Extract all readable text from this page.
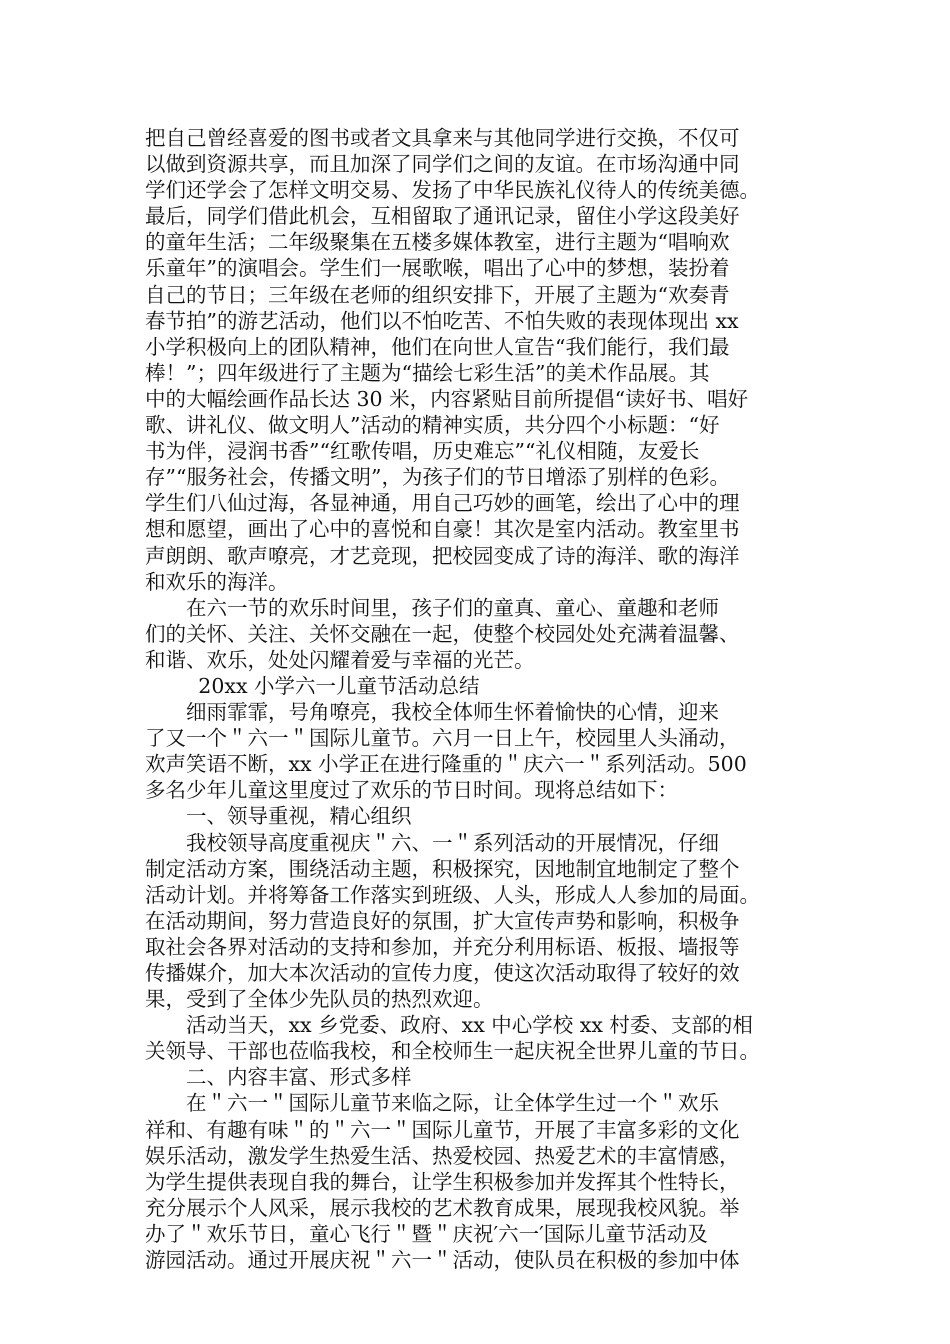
把自己曾经喜爱的图书或者文具拿来与其他同学进行交换，不仅可
以做到资源共享，而且加深了同学们之间的友谊。在市场沟通中同
学们还学会了怎样文明交易、发扬了中华民族礼仪待人的传统美德。
最后，同学们借此机会，互相留取了通讯记录，留住小学这段美好
的童年生活；二年级聚集在五楼多媒体教室，进行主题为“唱响欢
乐童年”的演唱会。学生们一展歌喉，唱出了心中的梦想，装扮着
自己的节日；三年级在老师的组织安排下，开展了主题为“欢奏青
春节拍”的游艺活动，他们以不怕吃苦、不怕失败的表现体现出 xx
小学积极向上的团队精神，他们在向世人宣告“我们能行，我们最
棒！”；四年级进行了主题为“描绘七彩生活”的美术作品展。其
中的大幅绘画作品长达 30 米，内容紧贴目前所提倡“读好书、唱好
歌、讲礼仪、做文明人”活动的精神实质，共分四个小标题：“好
书为伴，浸润书香”“红歌传唱，历史难忘”“礼仪相随，友爱长
存”“服务社会，传播文明”，为孩子们的节日增添了别样的色彩。
学生们八仙过海，各显神通，用自己巧妙的画笔，绘出了心中的理
想和愿望，画出了心中的喜悦和自豪！其次是室内活动。教室里书
声朗朗、歌声嘹亮，才艺竞现，把校园变成了诗的海洋、歌的海洋
和欢乐的海洋。

在六一节的欢乐时间里，孩子们的童真、童心、童趣和老师
们的关怀、关注、关怀交融在一起，使整个校园处处充满着温馨、
和谐、欢乐，处处闪耀着爱与幸福的光芒。

20xx 小学六一儿童节活动总结

细雨霏霏，号角嘹亮，我校全体师生怀着愉快的心情，迎来
了又一个＂六一＂国际儿童节。六月一日上午，校园里人头涌动，
欢声笑语不断，xx 小学正在进行隆重的＂庆六一＂系列活动。500
多名少年儿童这里度过了欢乐的节日时间。现将总结如下：

一、领导重视，精心组织

我校领导高度重视庆＂六、一＂系列活动的开展情况，仔细
制定活动方案，围绕活动主题，积极探究，因地制宜地制定了整个
活动计划。并将筹备工作落实到班级、人头，形成人人参加的局面。
在活动期间，努力营造良好的氛围，扩大宣传声势和影响，积极争
取社会各界对活动的支持和参加，并充分利用标语、板报、墙报等
传播媒介，加大本次活动的宣传力度，使这次活动取得了较好的效
果，受到了全体少先队员的热烈欢迎。

活动当天，xx 乡党委、政府、xx 中心学校 xx 村委、支部的相
关领导、干部也莅临我校，和全校师生一起庆祝全世界儿童的节日。

二、内容丰富、形式多样

在＂六一＂国际儿童节来临之际，让全体学生过一个＂欢乐
祥和、有趣有味＂的＂六一＂国际儿童节，开展了丰富多彩的文化
娱乐活动，激发学生热爱生活、热爱校园、热爱艺术的丰富情感，
为学生提供表现自我的舞台，让学生积极参加并发挥其个性特长，
充分展示个人风采，展示我校的艺术教育成果，展现我校风貌。举
办了＂欢乐节日，童心飞行＂暨＂庆祝′六一′国际儿童节活动及
游园活动。通过开展庆祝＂六一＂活动，使队员在积极的参加中体
